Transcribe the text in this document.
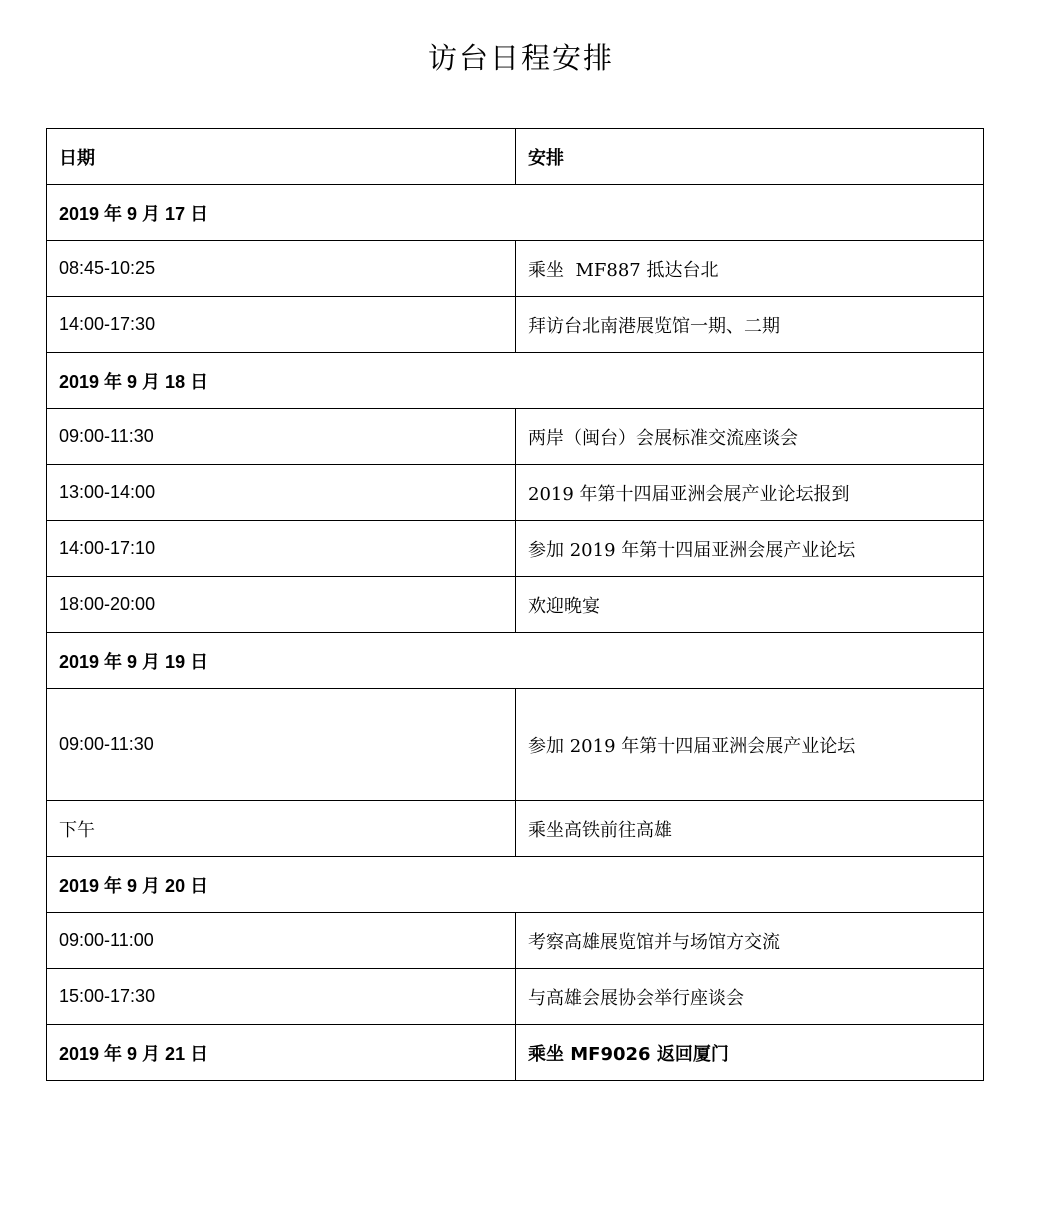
访台日程安排
日期	安排
2019 年 9 月 17 日	
08:45-10:25	乘坐  MF887 抵达台北
14:00-17:30	拜访台北南港展览馆一期、二期
2019 年 9 月 18 日	
09:00-11:30	两岸（闽台）会展标准交流座谈会
13:00-14:00	2019 年第十四届亚洲会展产业论坛报到
14:00-17:10	参加 2019 年第十四届亚洲会展产业论坛
18:00-20:00	欢迎晚宴
2019 年 9 月 19 日	
09:00-11:30	参加 2019 年第十四届亚洲会展产业论坛
下午	乘坐高铁前往高雄
2019 年 9 月 20 日	
09:00-11:00	考察高雄展览馆并与场馆方交流
15:00-17:30	与高雄会展协会举行座谈会
2019 年 9 月 21 日	乘坐 MF9026 返回厦门
